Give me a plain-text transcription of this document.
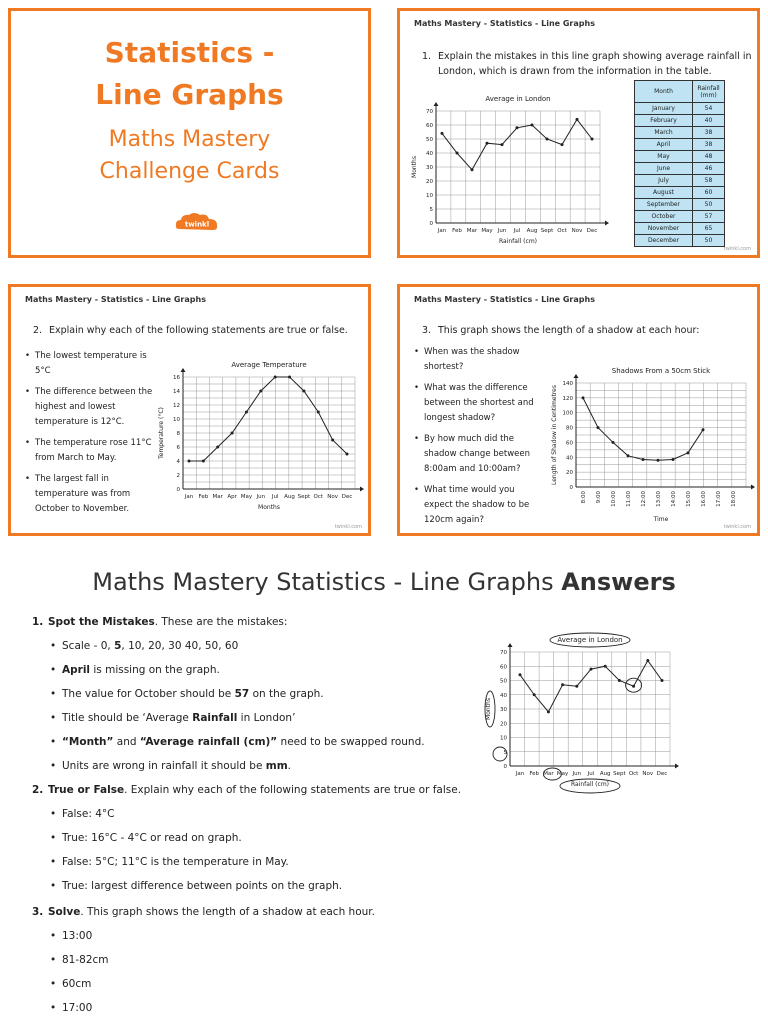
Statistics -
Line Graphs
Maths Mastery
Challenge Cards
twinkl
Maths Mastery - Statistics - Line Graphs
1. Explain the mistakes in this line graph showing average rainfall in London, which is drawn from the information in the table.
Average in London
0
5
10
20
30
40
50
60
70
Jan Feb Mar May Jun Jul Aug Sept Oct Nov Dec
Rainfall (cm)
Months
twinkl.com
Month	Rainfall (mm)
January	54
February	40
March	38
April	38
May	48
June	46
July	58
August	60
September	50
October	57
November	65
December	50
Maths Mastery - Statistics - Line Graphs
2. Explain why each of the following statements are true or false.
• The lowest temperature is 5°C
• The difference between the highest and lowest temperature is 12°C.
• The temperature rose 11°C from March to May.
• The largest fall in temperature was from October to November.
Average Temperature
0
2
4
6
8
10
12
14
16
Jan Feb Mar Apr May Jun Jul Aug Sept Oct Nov Dec
Months
Temperature (°C)
twinkl.com
Maths Mastery - Statistics - Line Graphs
3. This graph shows the length of a shadow at each hour:
• When was the shadow shortest?
• What was the difference between the shortest and longest shadow?
• By how much did the shadow change between 8:00am and 10:00am?
• What time would you expect the shadow to be 120cm again?
Shadows From a 50cm Stick
0
20
40
60
80
100
120
140
8:00 9:00 10:00 11:00 12:00 13:00 14:00 15:00 16:00 17:00 18:00
Time
Length of Shadow in Centimetres
twinkl.com
Maths Mastery Statistics - Line Graphs Answers
1. Spot the Mistakes. These are the mistakes:
• Scale - 0, 5, 10, 20, 30 40, 50, 60
• April is missing on the graph.
• The value for October should be 57 on the graph.
• Title should be ‘Average Rainfall in London’
• “Month” and “Average rainfall (cm)” need to be swapped round.
• Units are wrong in rainfall it should be mm.
2. True or False. Explain why each of the following statements are true or false.
• False: 4°C
• True: 16°C - 4°C or read on graph.
• False: 5°C; 11°C is the temperature in May.
• True: largest difference between points on the graph.
3. Solve. This graph shows the length of a shadow at each hour.
• 13:00
• 81-82cm
• 60cm
• 17:00
Average in London
0
5
10
20
30
40
50
60
70
Jan Feb Mar May Jun Jul Aug Sept Oct Nov Dec
Rainfall (cm)
Months
